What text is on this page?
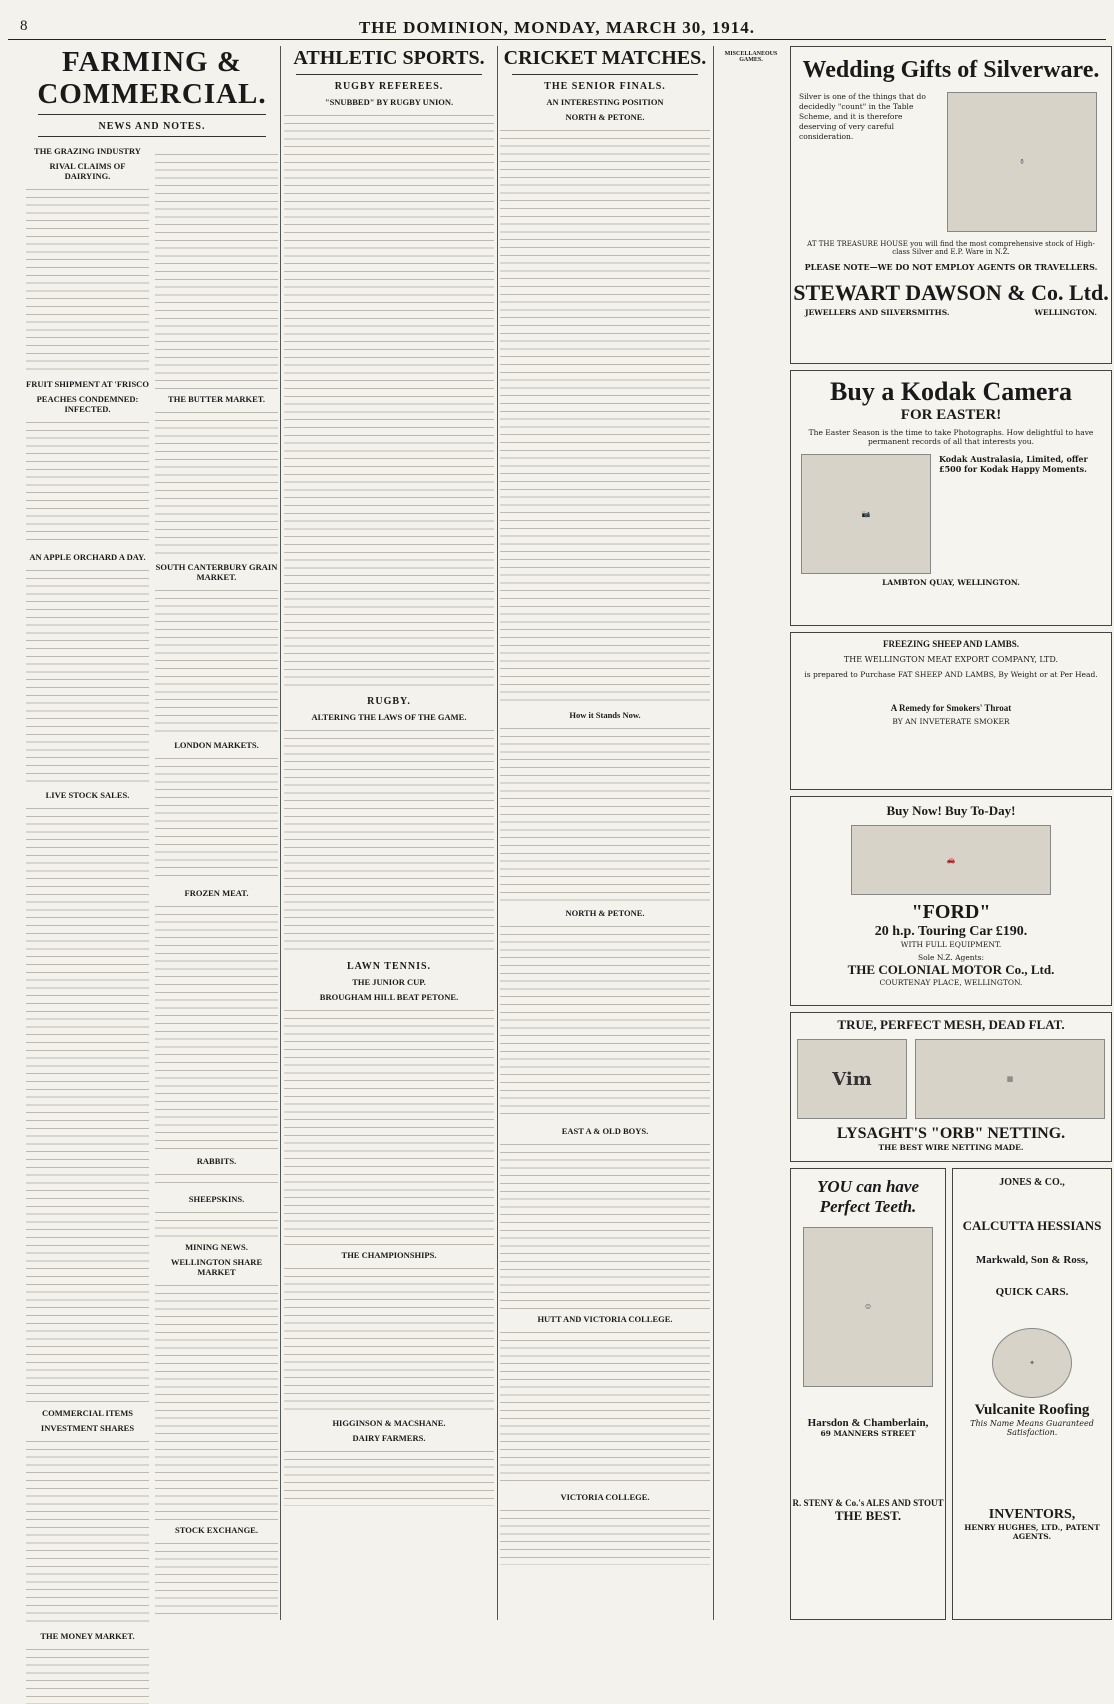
8	THE DOMINION, MONDAY, MARCH 30, 1914.
FARMING & COMMERCIAL.
NEWS AND NOTES.
THE GRAZING INDUSTRY
RIVAL CLAIMS OF DAIRYING.
FRUIT SHIPMENT AT 'FRISCO
PEACHES CONDEMNED: INFECTED.
AN APPLE ORCHARD A DAY.
LIVE STOCK SALES.
COMMERCIAL ITEMS
INVESTMENT SHARES
THE MONEY MARKET.
THE BUTTER MARKET.
SOUTH CANTERBURY GRAIN MARKET.
LONDON MARKETS.
FROZEN MEAT.
RABBITS.
SHEEPSKINS.
MINING NEWS.
WELLINGTON SHARE MARKET
STOCK EXCHANGE.
ATHLETIC SPORTS.
RUGBY REFEREES.
"SNUBBED" BY RUGBY UNION.
RUGBY.
ALTERING THE LAWS OF THE GAME.
LAWN TENNIS.
THE JUNIOR CUP.
BROUGHAM HILL BEAT PETONE.
THE CHAMPIONSHIPS.
HIGGINSON & MACSHANE.
DAIRY FARMERS.
CRICKET MATCHES.
THE SENIOR FINALS.
AN INTERESTING POSITION
NORTH & PETONE.
How it Stands Now.
NORTH & PETONE.
EAST A & OLD BOYS.
HUTT AND VICTORIA COLLEGE.
VICTORIA COLLEGE.
MISCELLANEOUS GAMES.	Wedding Gifts of Silverware.
Silver is one of the things that do decidedly "count" in the Table Scheme, and it is therefore deserving of very careful consideration.
⚱
AT THE TREASURE HOUSE you will find the most comprehensive stock of High-class Silver and E.P. Ware in N.Z.
PLEASE NOTE—WE DO NOT EMPLOY AGENTS OR TRAVELLERS.
STEWART DAWSON & Co. Ltd.
JEWELLERS AND SILVERSMITHS.	WELLINGTON.
Buy a Kodak Camera
FOR EASTER!
The Easter Season is the time to take Photographs. How delightful to have permanent records of all that interests you.
📷
Kodak Australasia, Limited, offer £500 for Kodak Happy Moments.
LAMBTON QUAY, WELLINGTON.
FREEZING SHEEP AND LAMBS.
THE WELLINGTON MEAT EXPORT COMPANY, LTD.
is prepared to Purchase FAT SHEEP AND LAMBS, By Weight or at Per Head.
A Remedy for Smokers' Throat
BY AN INVETERATE SMOKER
Buy Now! Buy To-Day!
🚗
"FORD"
20 h.p. Touring Car £190.
WITH FULL EQUIPMENT.
Sole N.Z. Agents:
THE COLONIAL MOTOR Co., Ltd.
COURTENAY PLACE, WELLINGTON.
TRUE, PERFECT MESH, DEAD FLAT.
Vim	▦
LYSAGHT'S "ORB" NETTING.
THE BEST WIRE NETTING MADE.
YOU can have Perfect Teeth.
☺
Harsdon & Chamberlain,
69 MANNERS STREET
R. STENY & Co.'s ALES AND STOUT
THE BEST.
JONES & CO.,
CALCUTTA HESSIANS
Markwald, Son & Ross,
QUICK CARS.
✦
Vulcanite Roofing
This Name Means Guaranteed Satisfaction.
INVENTORS,
HENRY HUGHES, LTD., PATENT AGENTS.
